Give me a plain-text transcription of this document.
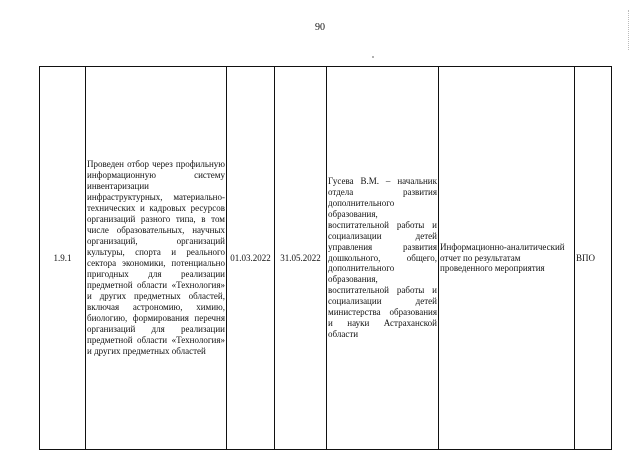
90
1.9.1	Проведен отбор через профильную информационную систему инвентаризации инфраструктурных, материально-технических и кадровых ресурсов организаций разного типа, в том числе образовательных, научных организаций, организаций культуры, спорта и реального сектора экономики, потенциально пригодных для реализации предметной области «Технология» и других предметных областей, включая астрономию, химию, биологию, формирования перечня организаций для реализации предметной области «Технология» и других предметных областей	01.03.2022	31.05.2022	Гусева В.М. – начальник отдела развития дополнительного образования, воспитательной работы и социализации детей управления развития дошкольного, общего, дополнительного образования, воспитательной работы и социализации детей министерства образования и науки Астраханской области	Информационно-аналитический отчет по результатам проведенного мероприятия	ВПО
